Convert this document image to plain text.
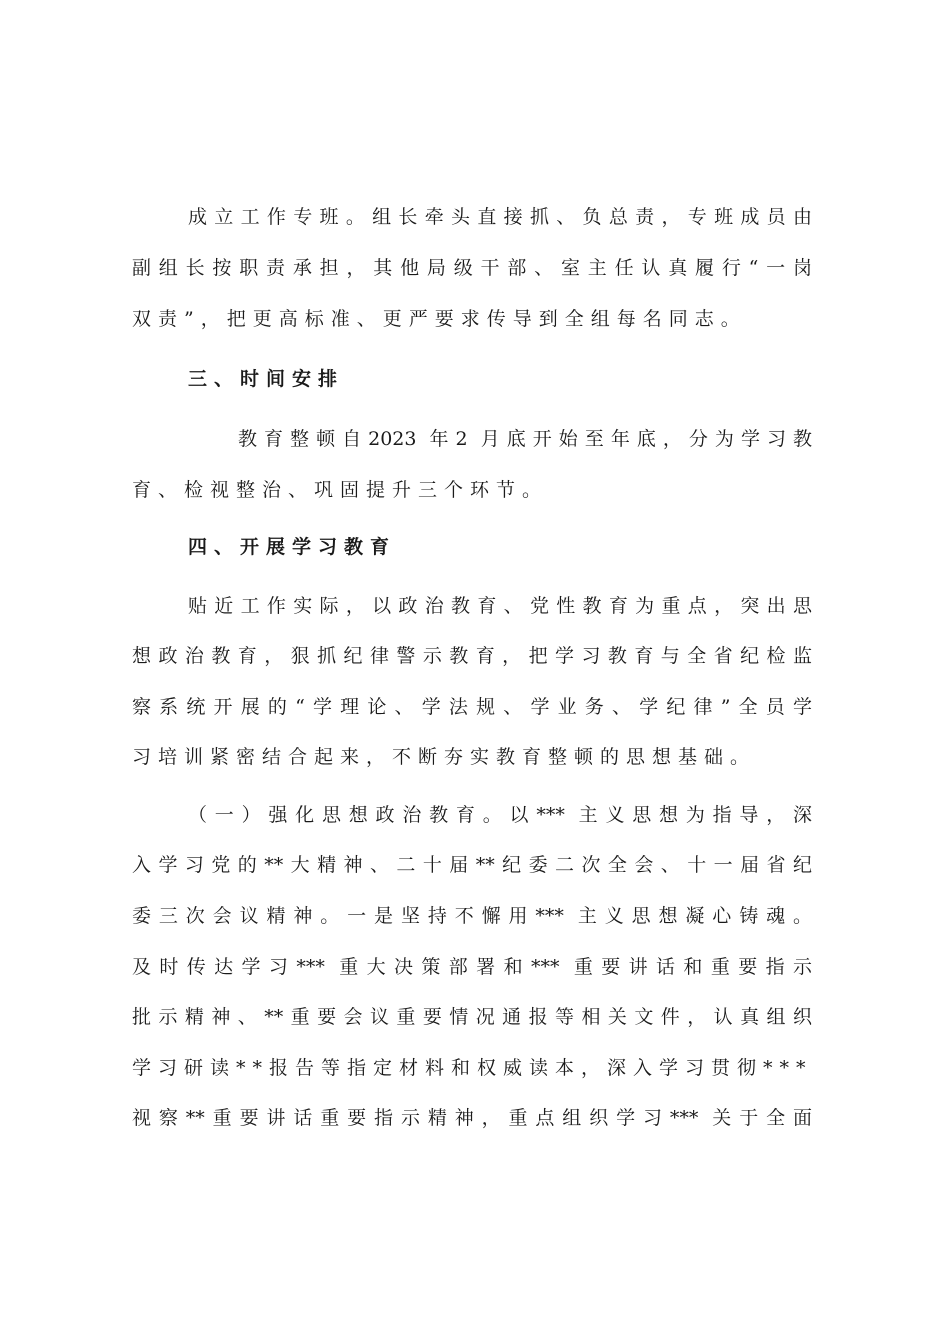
成立工作专班。组长牵头直接抓、负总责，专班成员由
副组长按职责承担，其他局级干部、室主任认真履行“一岗
双责”，把更高标准、更严要求传导到全组每名同志。
三、时间安排
教育整顿自2023 年2 月底开始至年底，分为学习教
育、检视整治、巩固提升三个环节。
四、开展学习教育
贴近工作实际，以政治教育、党性教育为重点，突出思
想政治教育，狠抓纪律警示教育，把学习教育与全省纪检监
察系统开展的“学理论、学法规、学业务、学纪律”全员学
习培训紧密结合起来，不断夯实教育整顿的思想基础。
（一）强化思想政治教育。以*** 主义思想为指导，深
入学习党的**大精神、二十届**纪委二次全会、十一届省纪
委三次会议精神。一是坚持不懈用*** 主义思想凝心铸魂。
及时传达学习*** 重大决策部署和*** 重要讲话和重要指示
批示精神、**重要会议重要情况通报等相关文件，认真组织
学习研读**报告等指定材料和权威读本，深入学习贯彻***
视察**重要讲话重要指示精神，重点组织学习*** 关于全面
